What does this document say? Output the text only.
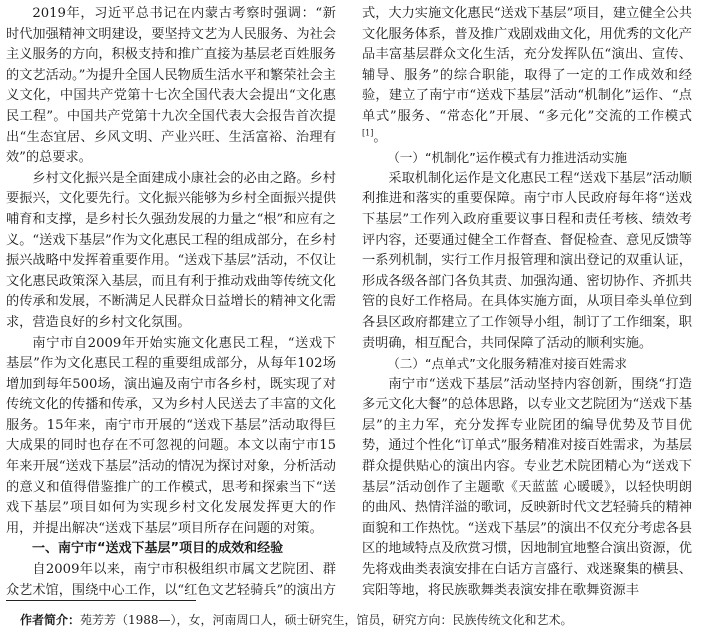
2019年，习近平总书记在内蒙古考察时强调：“新时代加强精神文明建设，要坚持文艺为人民服务、为社会主义服务的方向，积极支持和推广直接为基层老百姓服务的文艺活动。”为提升全国人民物质生活水平和繁荣社会主义文化，中国共产党第十七次全国代表大会提出“文化惠民工程”。中国共产党第十九次全国代表大会报告首次提出“生态宜居、乡风文明、产业兴旺、生活富裕、治理有效”的总要求。

乡村文化振兴是全面建成小康社会的必由之路。乡村要振兴，文化要先行。文化振兴能够为乡村全面振兴提供哺育和支撑，是乡村长久强劲发展的力量之“根”和应有之义。“送戏下基层”作为文化惠民工程的组成部分，在乡村振兴战略中发挥着重要作用。“送戏下基层”活动，不仅让文化惠民政策深入基层，而且有利于推动戏曲等传统文化的传承和发展，不断满足人民群众日益增长的精神文化需求，营造良好的乡村文化氛围。

南宁市自2009年开始实施文化惠民工程，“送戏下基层”作为文化惠民工程的重要组成部分，从每年102场增加到每年500场，演出遍及南宁市各乡村，既实现了对传统文化的传播和传承，又为乡村人民送去了丰富的文化服务。15年来，南宁市开展的“送戏下基层”活动取得巨大成果的同时也存在不可忽视的问题。本文以南宁市15年来开展“送戏下基层”活动的情况为探讨对象，分析活动的意义和值得借鉴推广的工作模式，思考和探索当下“送戏下基层”项目如何为实现乡村文化发展发挥更大的作用，并提出解决“送戏下基层”项目所存在问题的对策。

一、南宁市“送戏下基层”项目的成效和经验

自2009年以来，南宁市积极组织市属文艺院团、群众艺术馆，围绕中心工作，以“红色文艺轻骑兵”的演出方

式，大力实施文化惠民“送戏下基层”项目，建立健全公共文化服务体系，普及推广戏剧戏曲文化，用优秀的文化产品丰富基层群众文化生活，充分发挥队伍“演出、宣传、辅导、服务”的综合职能，取得了一定的工作成效和经验，建立了南宁市“送戏下基层”活动“机制化”运作、“点单式”服务、“常态化”开展、“多元化”交流的工作模式[1]。

（一）“机制化”运作模式有力推进活动实施

采取机制化运作是文化惠民工程“送戏下基层”活动顺利推进和落实的重要保障。南宁市人民政府每年将“送戏下基层”工作列入政府重要议事日程和责任考核、绩效考评内容，还要通过健全工作督查、督促检查、意见反馈等一系列机制，实行工作月报管理和演出登记的双重认证，形成各级各部门各负其责、加强沟通、密切协作、齐抓共管的良好工作格局。在具体实施方面，从项目牵头单位到各县区政府都建立了工作领导小组，制订了工作细案，职责明确，相互配合，共同保障了活动的顺利实施。

（二）“点单式”文化服务精准对接百姓需求

南宁市“送戏下基层”活动坚持内容创新，围绕“打造多元文化大餐”的总体思路，以专业文艺院团为“送戏下基层”的主力军，充分发挥专业院团的编导优势及节目优势，通过个性化“订单式”服务精准对接百姓需求，为基层群众提供贴心的演出内容。专业艺术院团精心为“送戏下基层”活动创作了主题歌《天蓝蓝 心暖暖》，以轻快明朗的曲风、热情洋溢的歌词，反映新时代文艺轻骑兵的精神面貌和工作热忱。“送戏下基层”的演出不仅充分考虑各县区的地域特点及欣赏习惯，因地制宜地整合演出资源，优先将戏曲类表演安排在白话方言盛行、戏迷聚集的横县、宾阳等地，将民族歌舞类表演安排在歌舞资源丰

作者简介：苑芳芳（1988—），女，河南周口人，硕士研究生，馆员，研究方向：民族传统文化和艺术。
